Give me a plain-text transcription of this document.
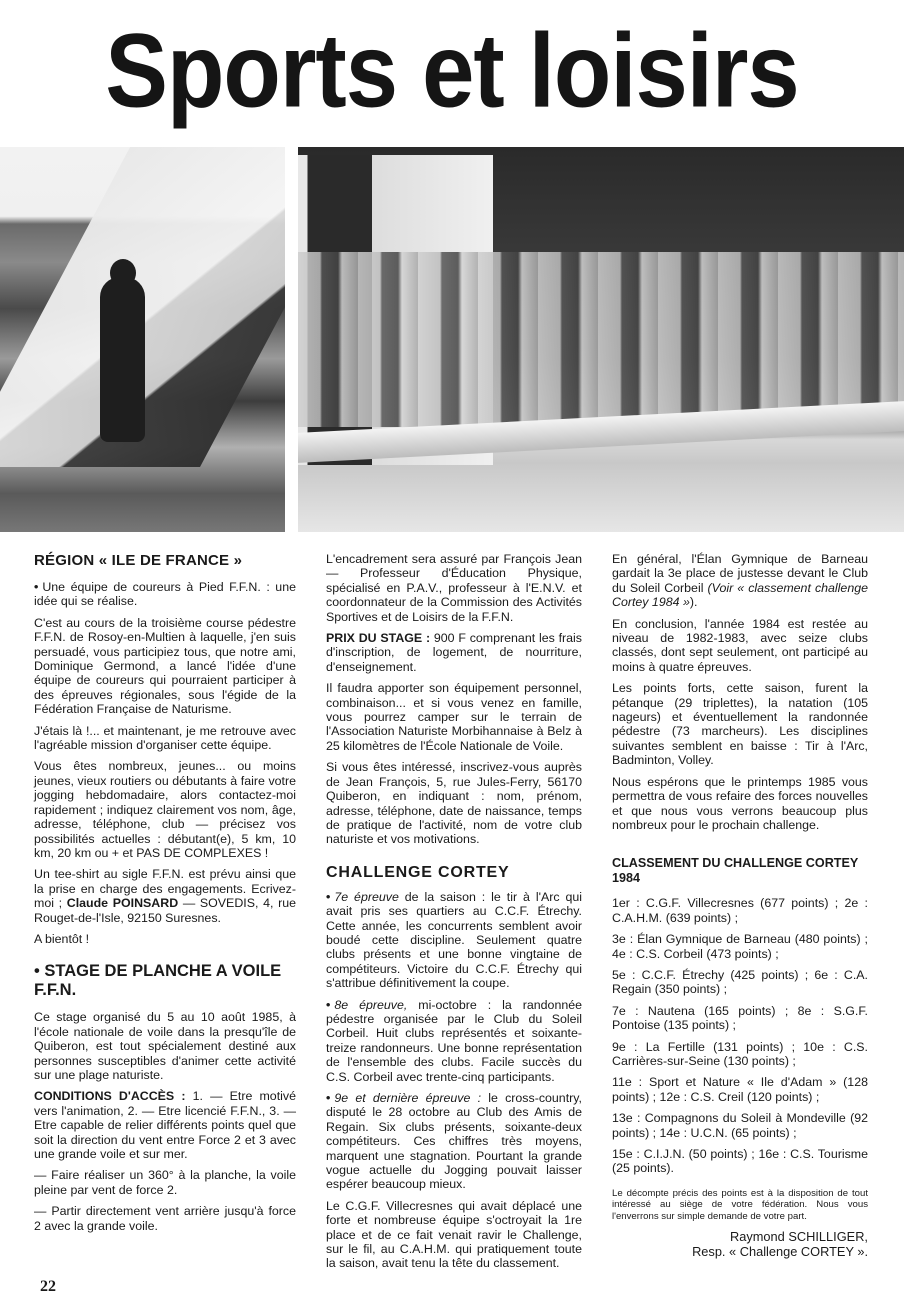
Sports et loisirs

RÉGION « ILE DE FRANCE »

• Une équipe de coureurs à Pied F.F.N. : une idée qui se réalise.

C'est au cours de la troisième course pédestre F.F.N. de Rosoy-en-Multien à laquelle, j'en suis persuadé, vous participiez tous, que notre ami, Dominique Germond, a lancé l'idée d'une équipe de coureurs qui pourraient participer à des épreuves régionales, sous l'égide de la Fédération Française de Naturisme.

J'étais là !... et maintenant, je me retrouve avec l'agréable mission d'organiser cette équipe.

Vous êtes nombreux, jeunes... ou moins jeunes, vieux routiers ou débutants à faire votre jogging hebdomadaire, alors contactez-moi rapidement ; indiquez clairement vos nom, âge, adresse, téléphone, club — précisez vos possibilités actuelles : débutant(e), 5 km, 10 km, 20 km ou + et PAS DE COMPLEXES !

Un tee-shirt au sigle F.F.N. est prévu ainsi que la prise en charge des engagements. Ecrivez-moi ; Claude POINSARD — SOVEDIS, 4, rue Rouget-de-l'Isle, 92150 Suresnes.

A bientôt !

• STAGE DE PLANCHE A VOILE F.F.N.

Ce stage organisé du 5 au 10 août 1985, à l'école nationale de voile dans la presqu'île de Quiberon, est tout spécialement destiné aux personnes susceptibles d'animer cette activité sur une plage naturiste.

CONDITIONS D'ACCÈS : 1. — Etre motivé vers l'animation, 2. — Etre licencié F.F.N., 3. — Etre capable de relier différents points quel que soit la direction du vent entre Force 2 et 3 avec une grande voile et sur mer.

— Faire réaliser un 360° à la planche, la voile pleine par vent de force 2.

— Partir directement vent arrière jusqu'à force 2 avec la grande voile.

L'encadrement sera assuré par François Jean — Professeur d'Éducation Physique, spécialisé en P.A.V., professeur à l'E.N.V. et coordonnateur de la Commission des Activités Sportives et de Loisirs de la F.F.N.

PRIX DU STAGE : 900 F comprenant les frais d'inscription, de logement, de nourriture, d'enseignement.

Il faudra apporter son équipement personnel, combinaison... et si vous venez en famille, vous pourrez camper sur le terrain de l'Association Naturiste Morbihannaise à Belz à 25 kilomètres de l'École Nationale de Voile.

Si vous êtes intéressé, inscrivez-vous auprès de Jean François, 5, rue Jules-Ferry, 56170 Quiberon, en indiquant : nom, prénom, adresse, téléphone, date de naissance, temps de pratique de l'activité, nom de votre club naturiste et vos motivations.

CHALLENGE CORTEY

• 7e épreuve de la saison : le tir à l'Arc qui avait pris ses quartiers au C.C.F. Étrechy. Cette année, les concurrents semblent avoir boudé cette discipline. Seulement quatre clubs présents et une bonne vingtaine de compétiteurs. Victoire du C.C.F. Étrechy qui s'attribue définitivement la coupe.

• 8e épreuve, mi-octobre : la randonnée pédestre organisée par le Club du Soleil Corbeil. Huit clubs représentés et soixante-treize randonneurs. Une bonne représentation de l'ensemble des clubs. Facile succès du C.S. Corbeil avec trente-cinq participants.

• 9e et dernière épreuve : le cross-country, disputé le 28 octobre au Club des Amis de Regain. Six clubs présents, soixante-deux compétiteurs. Ces chiffres très moyens, marquent une stagnation. Pourtant la grande vogue actuelle du Jogging pouvait laisser espérer beaucoup mieux.

Le C.G.F. Villecresnes qui avait déplacé une forte et nombreuse équipe s'octroyait la 1re place et de ce fait venait ravir le Challenge, sur le fil, au C.A.H.M. qui pratiquement toute la saison, avait tenu la tête du classement.

En général, l'Élan Gymnique de Barneau gardait la 3e place de justesse devant le Club du Soleil Corbeil (Voir « classement challenge Cortey 1984 »).

En conclusion, l'année 1984 est restée au niveau de 1982-1983, avec seize clubs classés, dont sept seulement, ont participé au moins à quatre épreuves.

Les points forts, cette saison, furent la pétanque (29 triplettes), la natation (105 nageurs) et éventuellement la randonnée pédestre (73 marcheurs). Les disciplines suivantes semblent en baisse : Tir à l'Arc, Badminton, Volley.

Nous espérons que le printemps 1985 vous permettra de vous refaire des forces nouvelles et que nous vous verrons beaucoup plus nombreux pour le prochain challenge.

CLASSEMENT DU CHALLENGE CORTEY 1984

1er : C.G.F. Villecresnes (677 points) ; 2e : C.A.H.M. (639 points) ;

3e : Élan Gymnique de Barneau (480 points) ; 4e : C.S. Corbeil (473 points) ;

5e : C.C.F. Étrechy (425 points) ; 6e : C.A. Regain (350 points) ;

7e : Nautena (165 points) ; 8e : S.G.F. Pontoise (135 points) ;

9e : La Fertille (131 points) ; 10e : C.S. Carrières-sur-Seine (130 points) ;

11e : Sport et Nature « Ile d'Adam » (128 points) ; 12e : C.S. Creil (120 points) ;

13e : Compagnons du Soleil à Mondeville (92 points) ; 14e : U.C.N. (65 points) ;

15e : C.I.J.N. (50 points) ; 16e : C.S. Tourisme (25 points).

Le décompte précis des points est à la disposition de tout intéressé au siège de votre fédération. Nous vous l'enverrons sur simple demande de votre part.

Raymond SCHILLIGER,

Resp. « Challenge CORTEY ».

22
